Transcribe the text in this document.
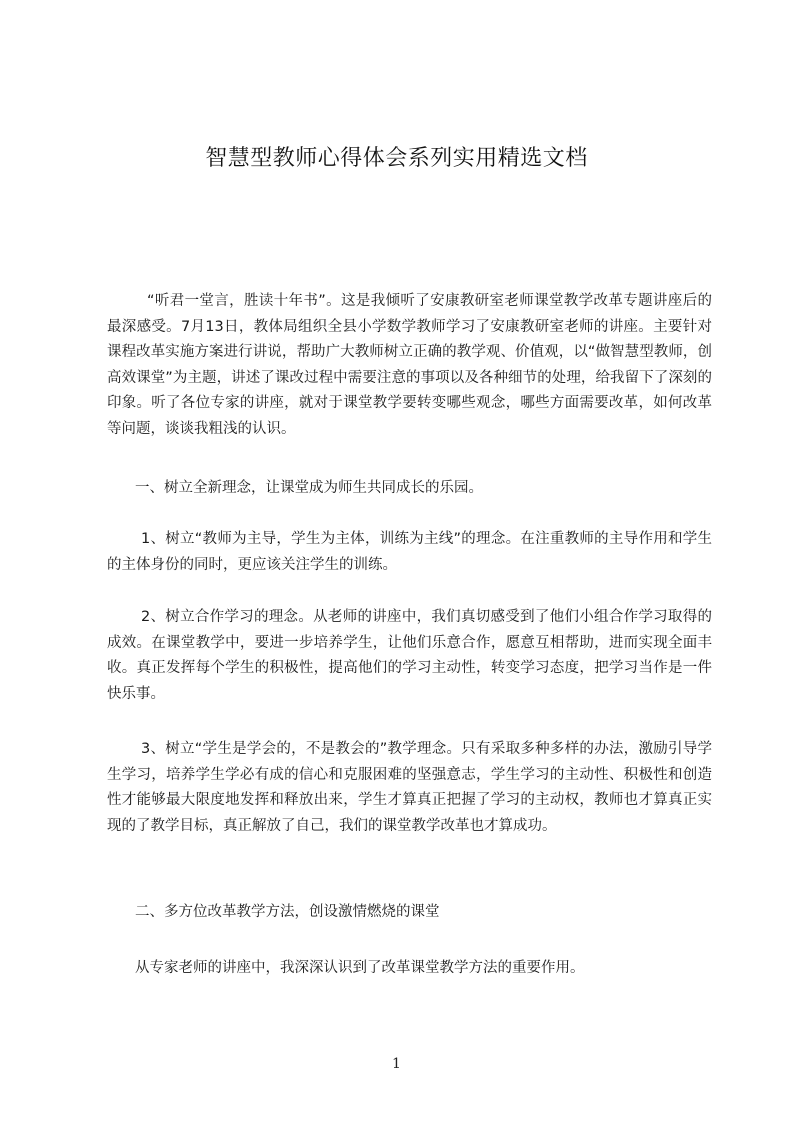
智慧型教师心得体会系列实用精选文档

“听君一堂言，胜读十年书”。这是我倾听了安康教研室老师课堂教学改革专题讲座后的最深感受。7月13日，教体局组织全县小学数学教师学习了安康教研室老师的讲座。主要针对课程改革实施方案进行讲说，帮助广大教师树立正确的教学观、价值观，以“做智慧型教师，创高效课堂”为主题，讲述了课改过程中需要注意的事项以及各种细节的处理，给我留下了深刻的印象。听了各位专家的讲座，就对于课堂教学要转变哪些观念，哪些方面需要改革，如何改革等问题，谈谈我粗浅的认识。

一、树立全新理念，让课堂成为师生共同成长的乐园。

1、树立“教师为主导，学生为主体，训练为主线”的理念。在注重教师的主导作用和学生的主体身份的同时，更应该关注学生的训练。

2、树立合作学习的理念。从老师的讲座中，我们真切感受到了他们小组合作学习取得的成效。在课堂教学中，要进一步培养学生，让他们乐意合作，愿意互相帮助，进而实现全面丰收。真正发挥每个学生的积极性，提高他们的学习主动性，转变学习态度，把学习当作是一件快乐事。

3、树立“学生是学会的，不是教会的”教学理念。只有采取多种多样的办法，激励引导学生学习，培养学生学必有成的信心和克服困难的坚强意志，学生学习的主动性、积极性和创造性才能够最大限度地发挥和释放出来，学生才算真正把握了学习的主动权，教师也才算真正实现的了教学目标，真正解放了自己，我们的课堂教学改革也才算成功。

二、多方位改革教学方法，创设激情燃烧的课堂

从专家老师的讲座中，我深深认识到了改革课堂教学方法的重要作用。

1
